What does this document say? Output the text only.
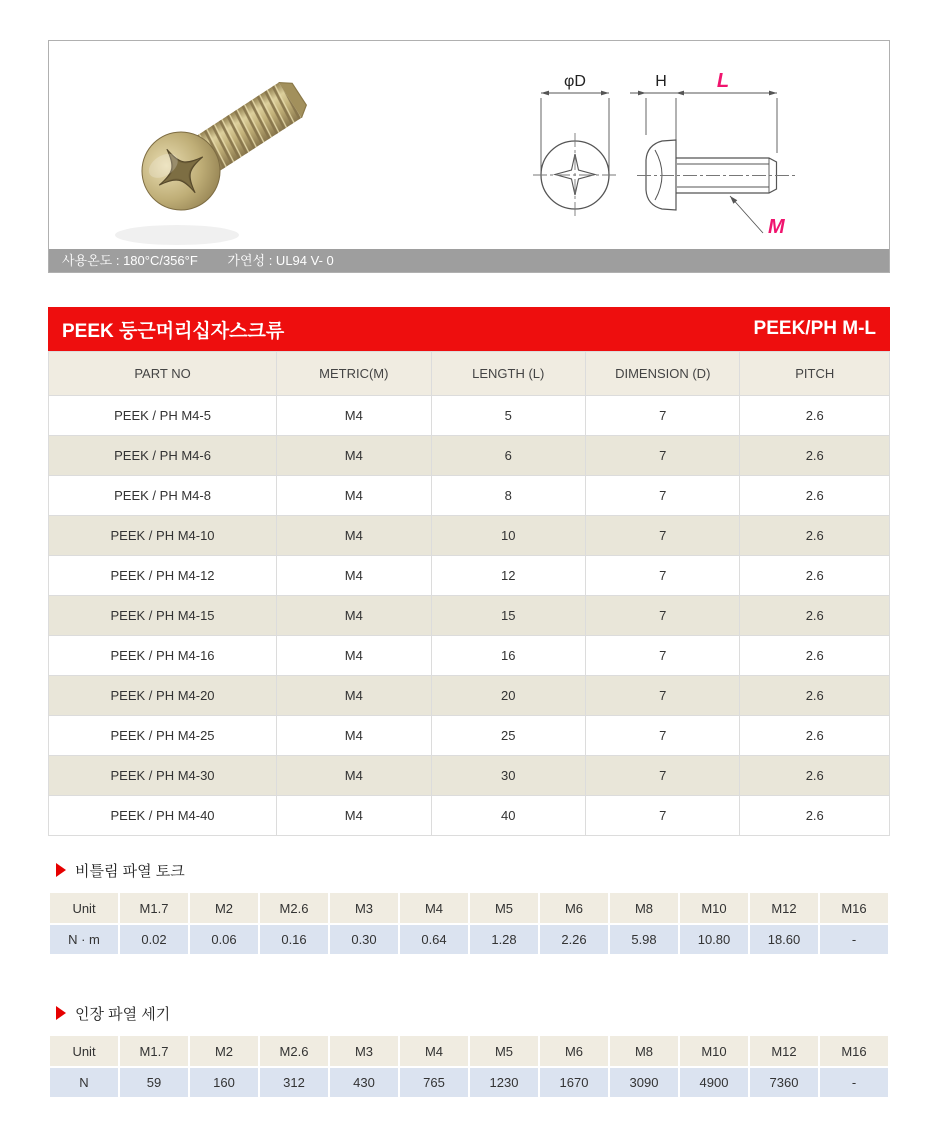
φD	H	L
M
사용온도 : 180°C/356°F 가연성 : UL94 V- 0
PEEK 둥근머리십자스크류	PEEK/PH M-L
PART NO	METRIC(M)	LENGTH (L)	DIMENSION (D)	PITCH
PEEK / PH M4-5	M4	5	7	2.6
PEEK / PH M4-6	M4	6	7	2.6
PEEK / PH M4-8	M4	8	7	2.6
PEEK / PH M4-10	M4	10	7	2.6
PEEK / PH M4-12	M4	12	7	2.6
PEEK / PH M4-15	M4	15	7	2.6
PEEK / PH M4-16	M4	16	7	2.6
PEEK / PH M4-20	M4	20	7	2.6
PEEK / PH M4-25	M4	25	7	2.6
PEEK / PH M4-30	M4	30	7	2.6
PEEK / PH M4-40	M4	40	7	2.6
비틀림 파열 토크
Unit	M1.7	M2	M2.6	M3	M4	M5	M6	M8	M10	M12	M16
N · m	0.02	0.06	0.16	0.30	0.64	1.28	2.26	5.98	10.80	18.60	-
인장 파열 세기
Unit	M1.7	M2	M2.6	M3	M4	M5	M6	M8	M10	M12	M16
N	59	160	312	430	765	1230	1670	3090	4900	7360	-
